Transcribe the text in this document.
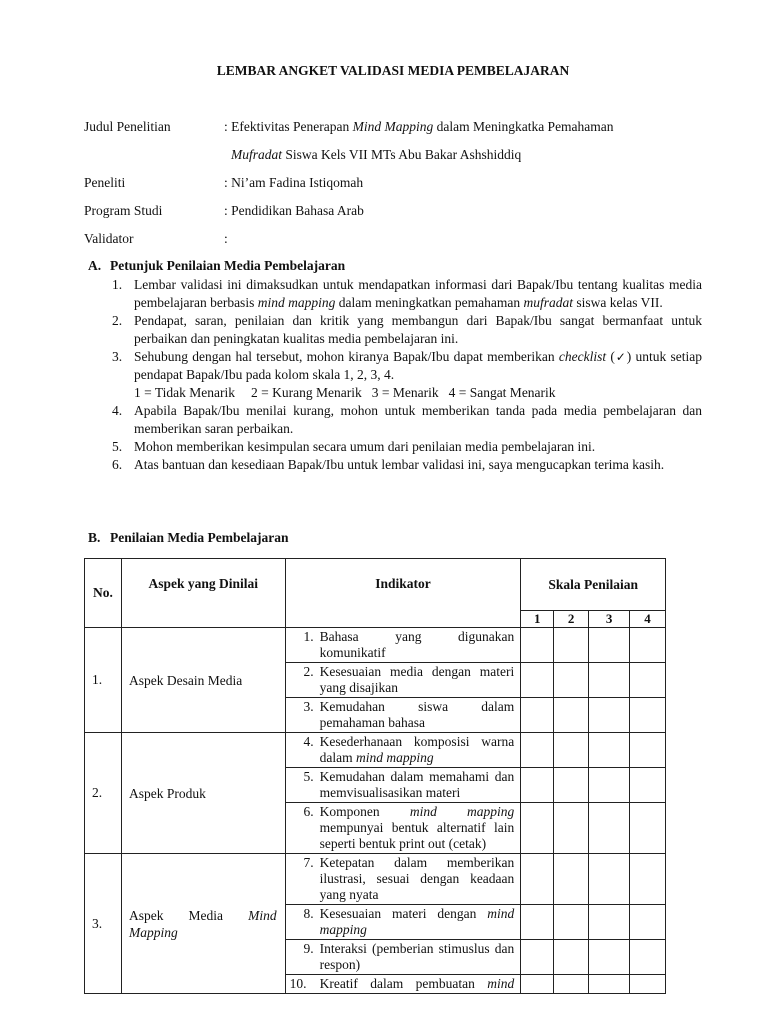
LEMBAR ANGKET VALIDASI MEDIA PEMBELAJARAN
Judul Penelitian	: Efektivitas Penerapan Mind Mapping dalam Meningkatka Pemahaman
Mufradat Siswa Kels VII MTs Abu Bakar Ashshiddiq
Peneliti	: Ni’am Fadina Istiqomah
Program Studi	: Pendidikan Bahasa Arab
Validator	:
A. Petunjuk Penilaian Media Pembelajaran
1. Lembar validasi ini dimaksudkan untuk mendapatkan informasi dari Bapak/Ibu tentang kualitas media pembelajaran berbasis mind mapping dalam meningkatkan pemahaman mufradat siswa kelas VII.
2. Pendapat, saran, penilaian dan kritik yang membangun dari Bapak/Ibu sangat bermanfaat untuk perbaikan dan peningkatan kualitas media pembelajaran ini.
3. Sehubung dengan hal tersebut, mohon kiranya Bapak/Ibu dapat memberikan checklist (✓) untuk setiap pendapat Bapak/Ibu pada kolom skala 1, 2, 3, 4.
1 = Tidak Menarik 2 = Kurang Menarik 3 = Menarik 4 = Sangat Menarik
4. Apabila Bapak/Ibu menilai kurang, mohon untuk memberikan tanda pada media pembelajaran dan memberikan saran perbaikan.
5. Mohon memberikan kesimpulan secara umum dari penilaian media pembelajaran ini.
6. Atas bantuan dan kesediaan Bapak/Ibu untuk lembar validasi ini, saya mengucapkan terima kasih.
B. Penilaian Media Pembelajaran
No.	Aspek yang Dinilai	Indikator	Skala Penilaian			
			1	2	3	4
1.	Aspek Desain Media	1. Bahasa yang digunakan komunikatif				

		2. Kesesuaian media dengan materi yang disajikan				

		3. Kemudahan siswa dalam pemahaman bahasa				

2.	Aspek Produk	4. Kesederhanaan komposisi warna dalam mind mapping				

		5. Kemudahan dalam memahami dan memvisualisasikan materi				

		6. Komponen mind mapping mempunyai bentuk alternatif lain seperti bentuk print out (cetak)				

3.	Aspek Media Mind Mapping	7. Ketepatan dalam memberikan ilustrasi, sesuai dengan keadaan yang nyata				

		8. Kesesuaian materi dengan mind mapping				

		9. Interaksi (pemberian stimuslus dan respon)				

		10. Kreatif dalam pembuatan mind				
